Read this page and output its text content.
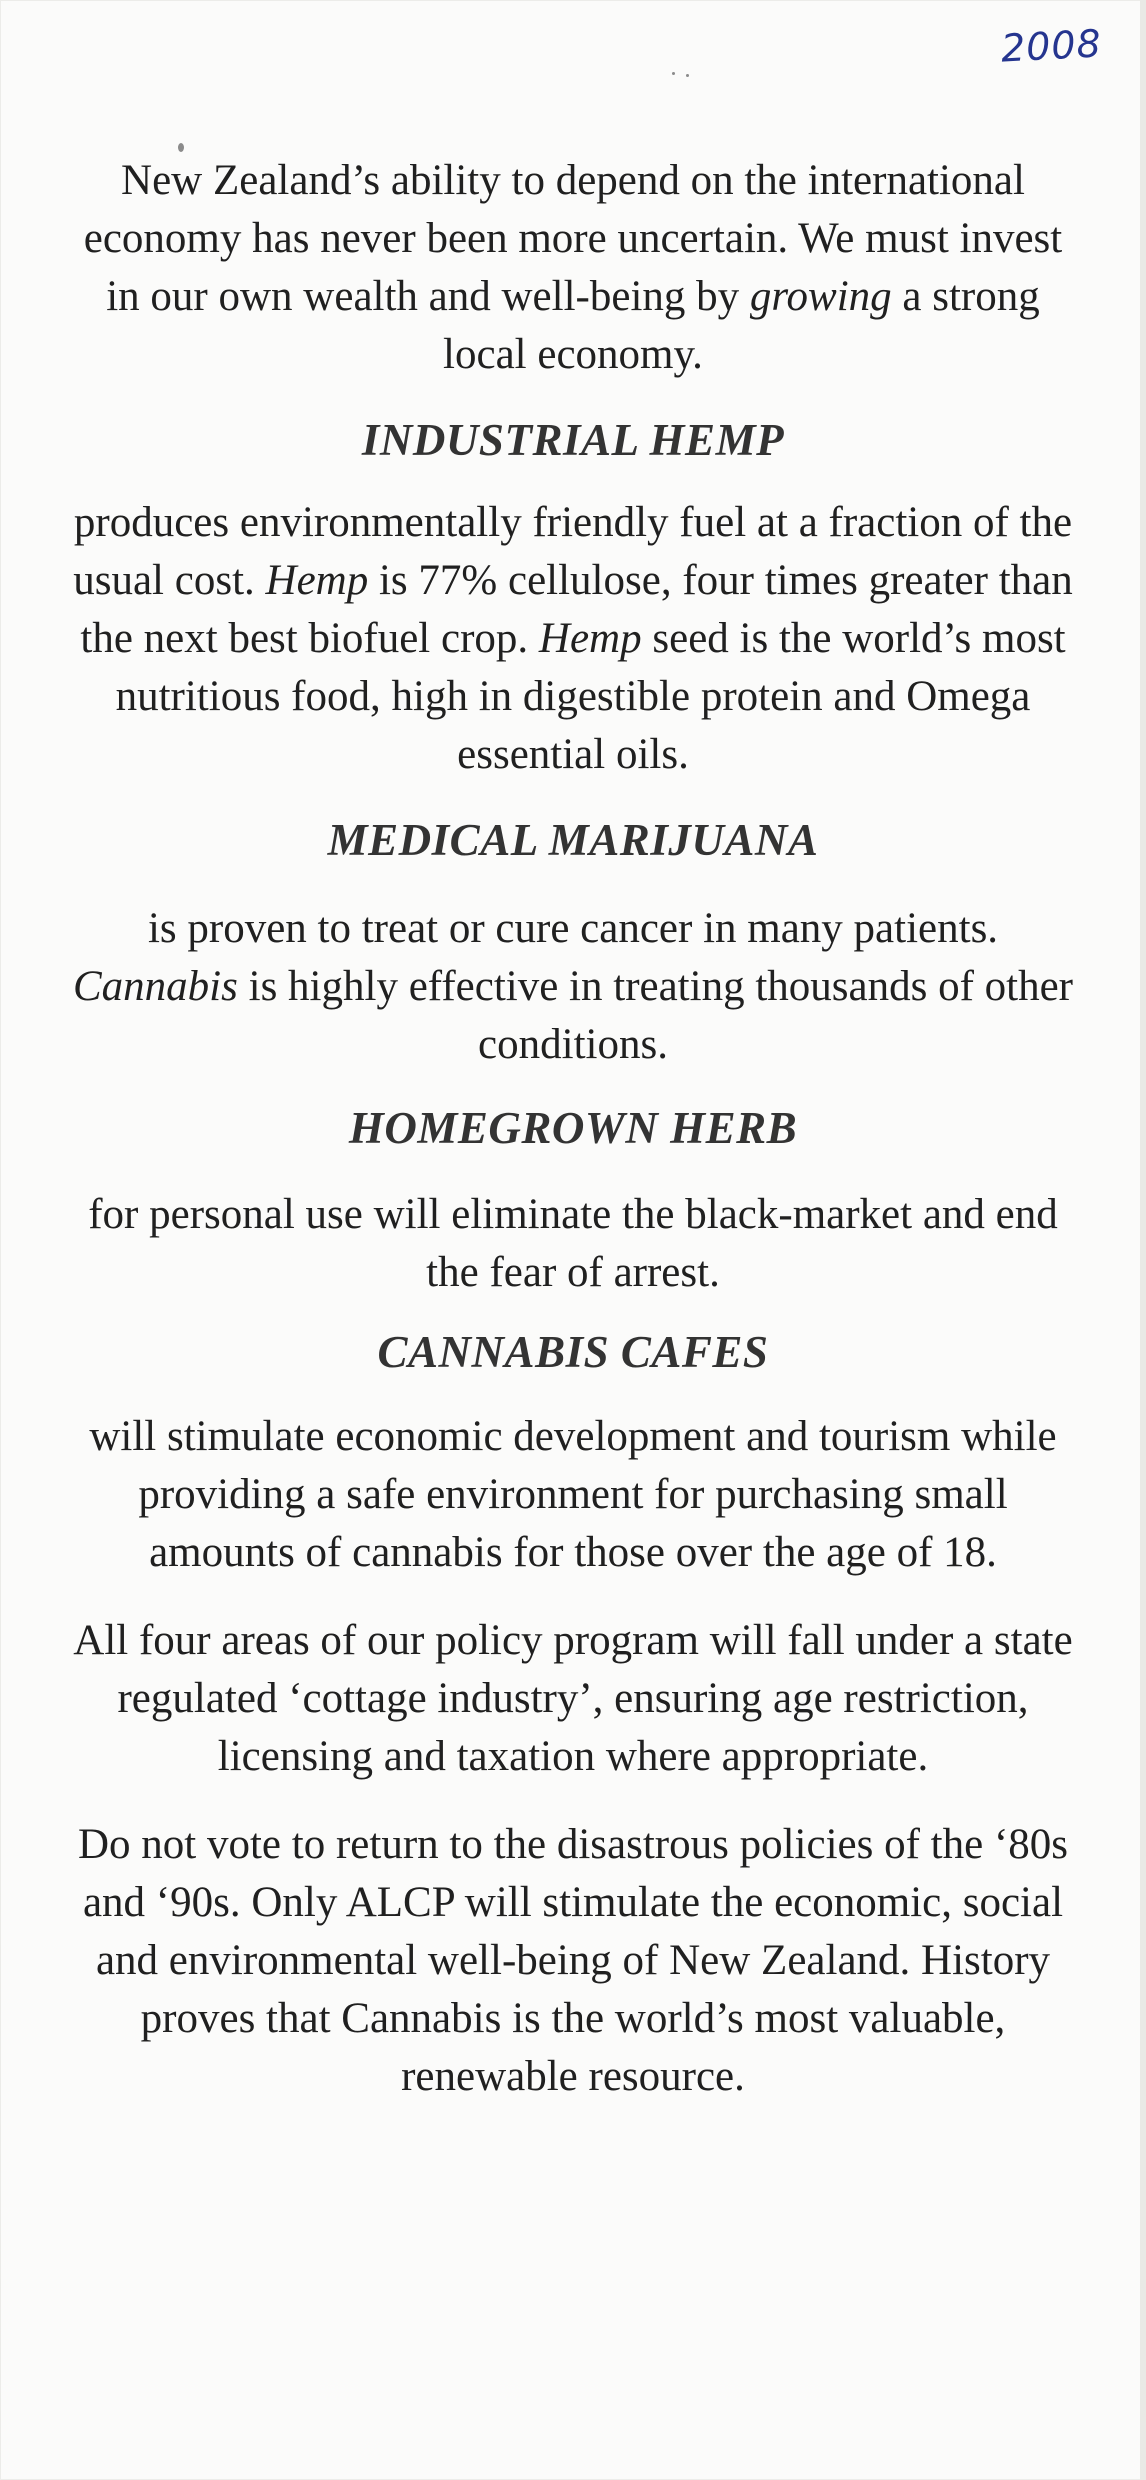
2008

New Zealand’s ability to depend on the international economy has never been more uncertain. We must invest in our own wealth and well-being by growing a strong local economy.

INDUSTRIAL HEMP

produces environmentally friendly fuel at a fraction of the usual cost. Hemp is 77% cellulose, four times greater than the next best biofuel crop. Hemp seed is the world’s most nutritious food, high in digestible protein and Omega essential oils.

MEDICAL MARIJUANA

is proven to treat or cure cancer in many patients. Cannabis is highly effective in treating thousands of other conditions.

HOMEGROWN HERB

for personal use will eliminate the black-market and end the fear of arrest.

CANNABIS CAFES

will stimulate economic development and tourism while providing a safe environment for purchasing small amounts of cannabis for those over the age of 18.

All four areas of our policy program will fall under a state regulated ‘cottage industry’, ensuring age restriction, licensing and taxation where appropriate.

Do not vote to return to the disastrous policies of the ‘80s and ‘90s. Only ALCP will stimulate the economic, social and environmental well-being of New Zealand. History proves that Cannabis is the world’s most valuable, renewable resource.
